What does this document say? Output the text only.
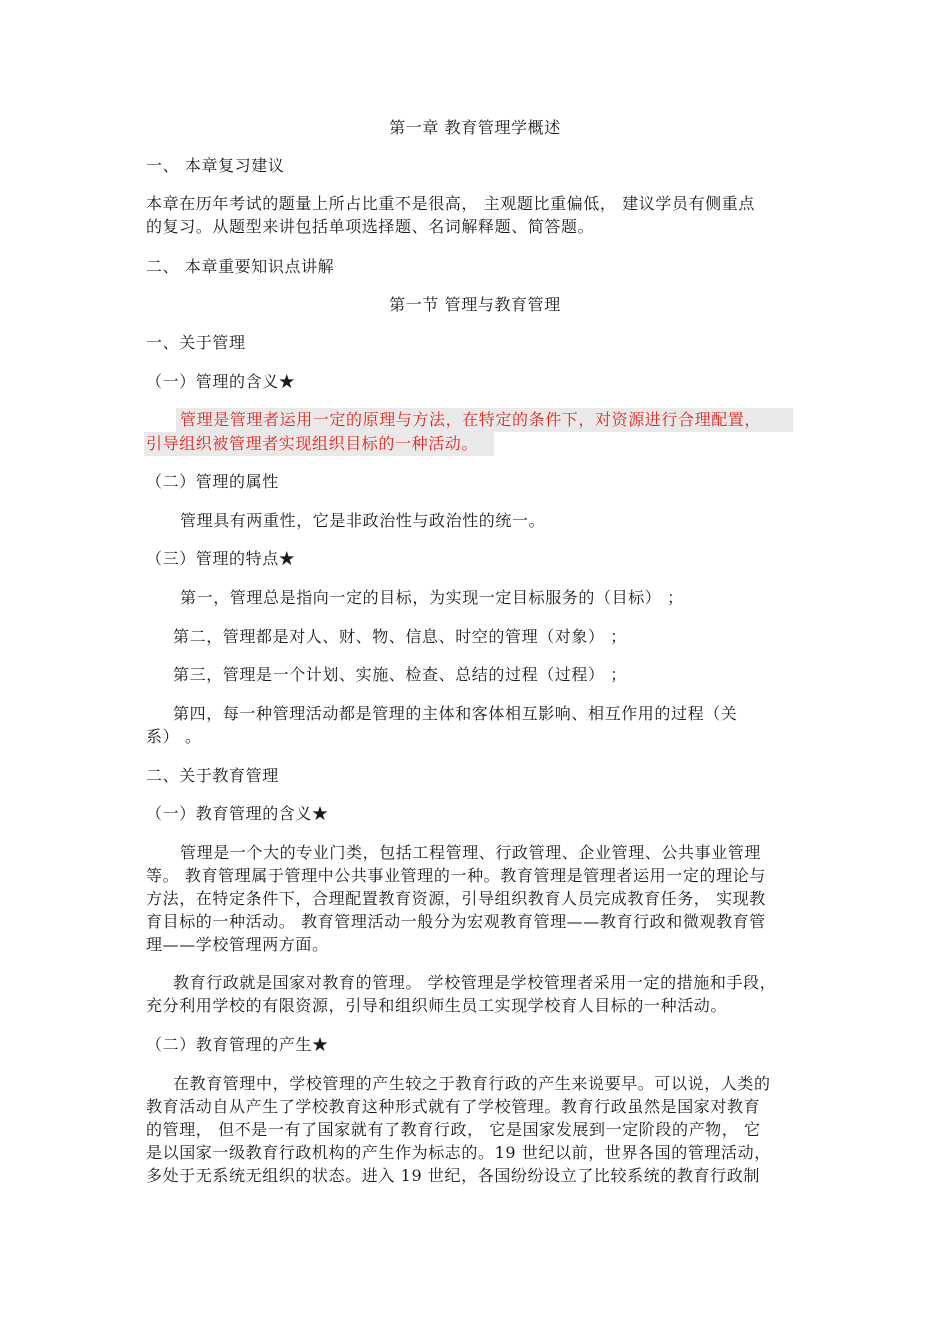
第一章 教育管理学概述
一、 本章复习建议
本章在历年考试的题量上所占比重不是很高， 主观题比重偏低， 建议学员有侧重点
的复习。从题型来讲包括单项选择题、名词解释题、简答题。
二、 本章重要知识点讲解
第一节 管理与教育管理
一、关于管理
（一）管理的含义★
管理是管理者运用一定的原理与方法，在特定的条件下，对资源进行合理配置，
引导组织被管理者实现组织目标的一种活动。
（二）管理的属性
管理具有两重性，它是非政治性与政治性的统一。
（三）管理的特点★
第一，管理总是指向一定的目标，为实现一定目标服务的（目标） ；
第二，管理都是对人、财、物、信息、时空的管理（对象） ；
第三，管理是一个计划、实施、检查、总结的过程（过程） ；
第四，每一种管理活动都是管理的主体和客体相互影响、相互作用的过程（关
系） 。
二、关于教育管理
（一）教育管理的含义★
管理是一个大的专业门类，包括工程管理、行政管理、企业管理、公共事业管理
等。 教育管理属于管理中公共事业管理的一种。教育管理是管理者运用一定的理论与
方法，在特定条件下，合理配置教育资源，引导组织教育人员完成教育任务， 实现教
育目标的一种活动。 教育管理活动一般分为宏观教育管理——教育行政和微观教育管
理——学校管理两方面。
教育行政就是国家对教育的管理。 学校管理是学校管理者采用一定的措施和手段，
充分利用学校的有限资源，引导和组织师生员工实现学校育人目标的一种活动。
（二）教育管理的产生★
在教育管理中，学校管理的产生较之于教育行政的产生来说要早。可以说，人类的
教育活动自从产生了学校教育这种形式就有了学校管理。教育行政虽然是国家对教育
的管理， 但不是一有了国家就有了教育行政， 它是国家发展到一定阶段的产物， 它
是以国家一级教育行政机构的产生作为标志的。19 世纪以前，世界各国的管理活动，
多处于无系统无组织的状态。进入 19 世纪，各国纷纷设立了比较系统的教育行政制
